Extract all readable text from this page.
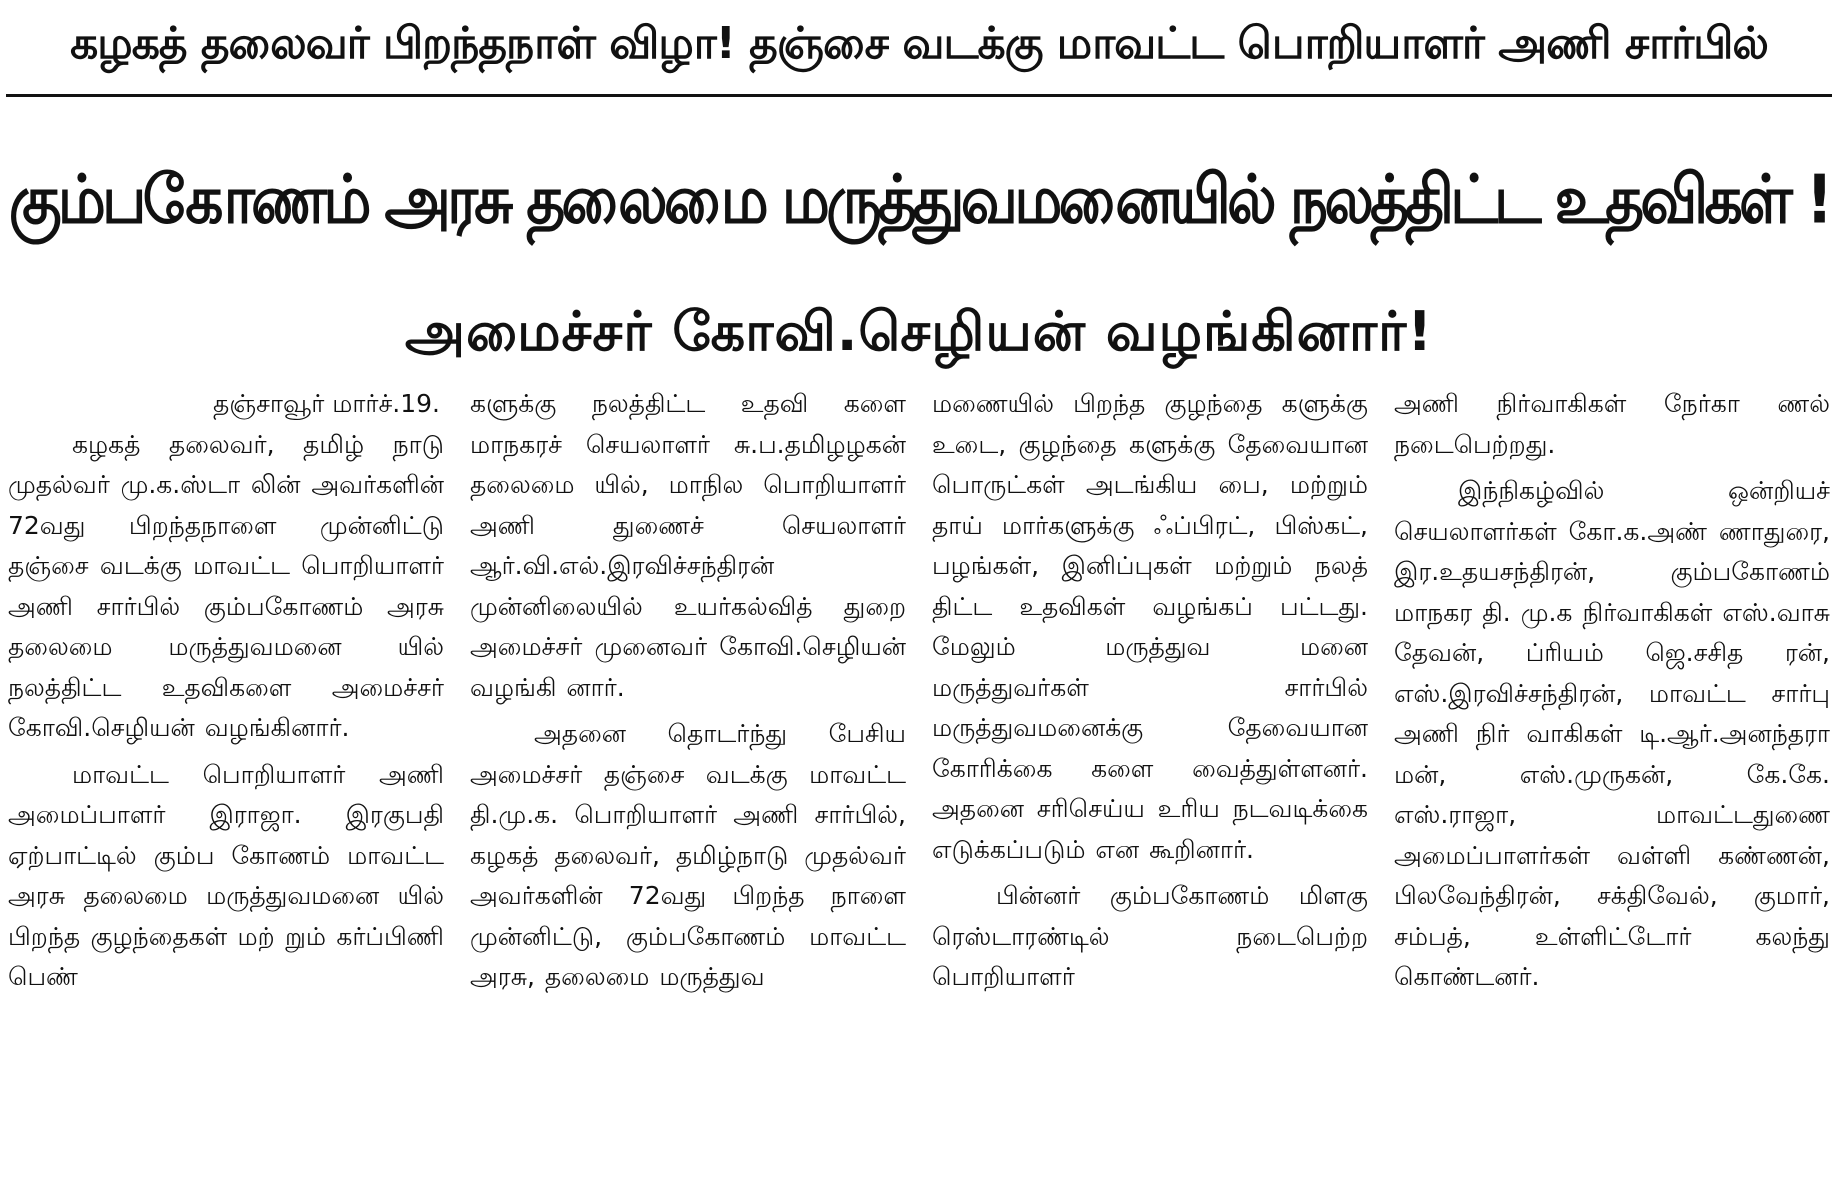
கழகத் தலைவர் பிறந்தநாள் விழா! தஞ்சை வடக்கு மாவட்ட பொறியாளர் அணி சார்பில்
கும்பகோணம் அரசு தலைமை மருத்துவமனையில் நலத்திட்ட உதவிகள் !
அமைச்சர் கோவி.செழியன் வழங்கினார்!
தஞ்சாவூர் மார்ச்.19.

கழகத் தலைவர், தமிழ் நாடு முதல்வர் மு.க.ஸ்டா லின் அவர்களின் 72வது பிறந்தநாளை முன்னிட்டு தஞ்சை வடக்கு மாவட்ட பொறியாளர் அணி சார்பில் கும்பகோணம் அரசு தலைமை மருத்துவமனை யில் நலத்திட்ட உதவிகளை அமைச்சர் கோவி.செழியன் வழங்கினார்.

மாவட்ட பொறியாளர் அணி அமைப்பாளர் இராஜா. இரகுபதி ஏற்பாட்டில் கும்ப கோணம் மாவட்ட அரசு தலைமை மருத்துவமனை யில் பிறந்த குழந்தைகள் மற் றும் கர்ப்பிணி பெண்

களுக்கு நலத்திட்ட உதவி களை மாநகரச் செயலாளர் சு.ப.தமிழழகன் தலைமை யில், மாநில பொறியாளர் அணி துணைச் செயலாளர் ஆர்.வி.எல்.இரவிச்சந்திரன் முன்னிலையில் உயர்கல்வித் துறை அமைச்சர் முனைவர் கோவி.செழியன் வழங்கி னார்.

அதனை தொடர்ந்து பேசிய அமைச்சர் தஞ்சை வடக்கு மாவட்ட தி.மு.க. பொறியாளர் அணி சார்பில், கழகத் தலைவர், தமிழ்நாடு முதல்வர் அவர்களின் 72வது பிறந்த நாளை முன்னிட்டு, கும்பகோணம் மாவட்ட அரசு, தலைமை மருத்துவ

மணையில் பிறந்த குழந்தை களுக்கு உடை, குழந்தை களுக்கு தேவையான பொருட்கள் அடங்கிய பை, மற்றும் தாய் மார்களுக்கு ஃப்பிரட், பிஸ்கட், பழங்கள், இனிப்புகள் மற்றும் நலத் திட்ட உதவிகள் வழங்கப் பட்டது. மேலும் மருத்துவ மனை மருத்துவர்கள் சார்பில் மருத்துவமனைக்கு தேவையான கோரிக்கை களை வைத்துள்ளனர். அதனை சரிசெய்ய உரிய நடவடிக்கை எடுக்கப்படும் என கூறினார்.

பின்னர் கும்பகோணம் மிளகு ரெஸ்டாரண்டில் நடைபெற்ற பொறியாளர்

அணி நிர்வாகிகள் நேர்கா ணல் நடைபெற்றது.

இந்நிகழ்வில் ஒன்றியச் செயலாளர்கள் கோ.க.அண் ணாதுரை, இர.உதயசந்திரன், கும்பகோணம் மாநகர தி. மு.க நிர்வாகிகள் எஸ்.வாசு தேவன், ப்ரியம் ஜெ.சசித ரன், எஸ்.இரவிச்சந்திரன், மாவட்ட சார்பு அணி நிர் வாகிகள் டி.ஆர்.அனந்தரா மன், எஸ்.முருகன், கே.கே. எஸ்.ராஜா, மாவட்டதுணை அமைப்பாளர்கள் வள்ளி கண்ணன், பிலவேந்திரன், சக்திவேல், குமார், சம்பத், உள்ளிட்டோர் கலந்து கொண்டனர்.
